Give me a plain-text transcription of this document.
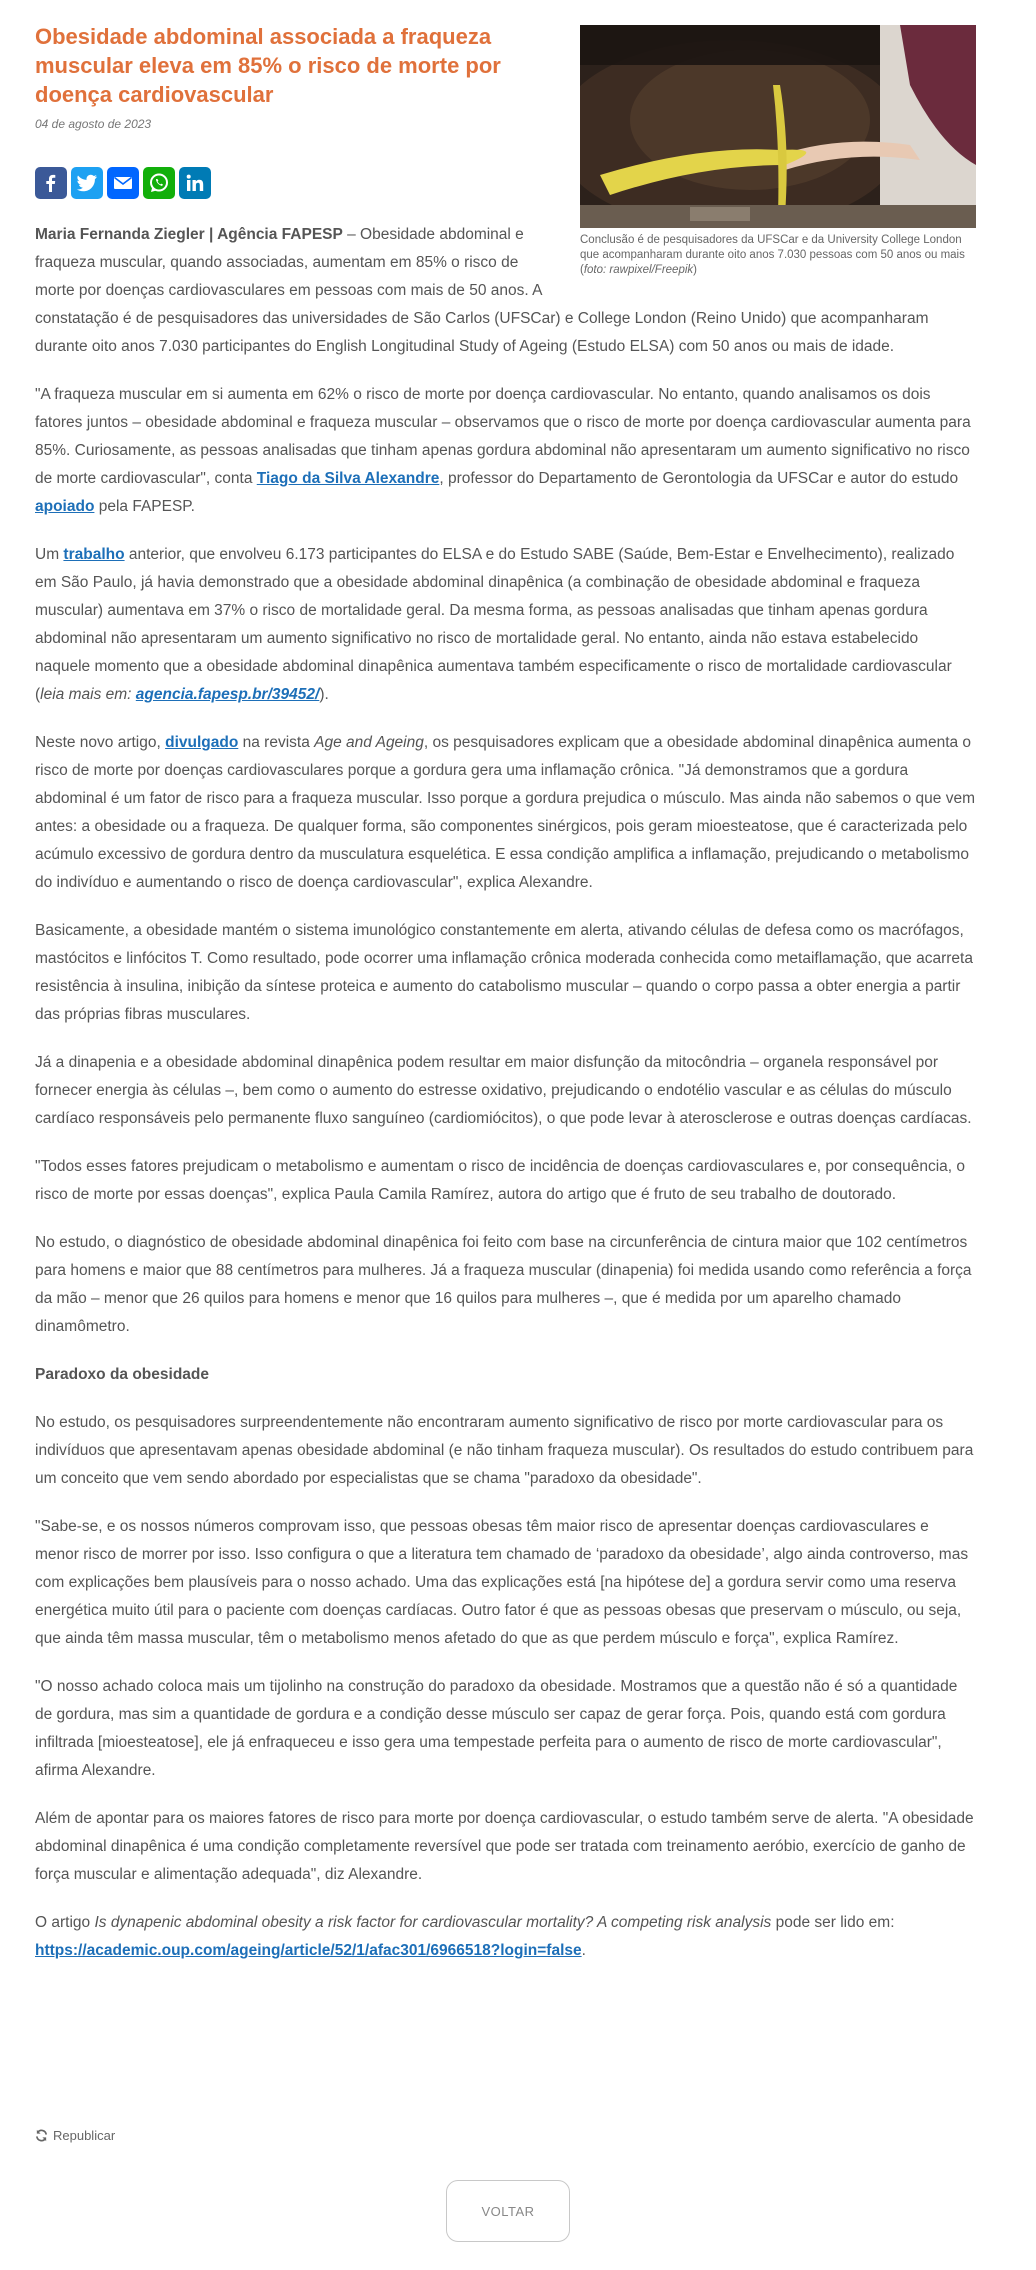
Conclusão é de pesquisadores da UFSCar e da University College London que acompanharam durante oito anos 7.030 pessoas com 50 anos ou mais (foto: rawpixel/Freepik)
Obesidade abdominal associada a fraqueza muscular eleva em 85% o risco de morte por doença cardiovascular
04 de agosto de 2023

Maria Fernanda Ziegler | Agência FAPESP – Obesidade abdominal e fraqueza muscular, quando associadas, aumentam em 85% o risco de morte por doenças cardiovasculares em pessoas com mais de 50 anos. A constatação é de pesquisadores das universidades de São Carlos (UFSCar) e College London (Reino Unido) que acompanharam durante oito anos 7.030 participantes do English Longitudinal Study of Ageing (Estudo ELSA) com 50 anos ou mais de idade.

"A fraqueza muscular em si aumenta em 62% o risco de morte por doença cardiovascular. No entanto, quando analisamos os dois fatores juntos – obesidade abdominal e fraqueza muscular – observamos que o risco de morte por doença cardiovascular aumenta para 85%. Curiosamente, as pessoas analisadas que tinham apenas gordura abdominal não apresentaram um aumento significativo no risco de morte cardiovascular", conta Tiago da Silva Alexandre, professor do Departamento de Gerontologia da UFSCar e autor do estudo apoiado pela FAPESP.

Um trabalho anterior, que envolveu 6.173 participantes do ELSA e do Estudo SABE (Saúde, Bem-Estar e Envelhecimento), realizado em São Paulo, já havia demonstrado que a obesidade abdominal dinapênica (a combinação de obesidade abdominal e fraqueza muscular) aumentava em 37% o risco de mortalidade geral. Da mesma forma, as pessoas analisadas que tinham apenas gordura abdominal não apresentaram um aumento significativo no risco de mortalidade geral. No entanto, ainda não estava estabelecido naquele momento que a obesidade abdominal dinapênica aumentava também especificamente o risco de mortalidade cardiovascular (leia mais em: agencia.fapesp.br/39452/).

Neste novo artigo, divulgado na revista Age and Ageing, os pesquisadores explicam que a obesidade abdominal dinapênica aumenta o risco de morte por doenças cardiovasculares porque a gordura gera uma inflamação crônica. "Já demonstramos que a gordura abdominal é um fator de risco para a fraqueza muscular. Isso porque a gordura prejudica o músculo. Mas ainda não sabemos o que vem antes: a obesidade ou a fraqueza. De qualquer forma, são componentes sinérgicos, pois geram mioesteatose, que é caracterizada pelo acúmulo excessivo de gordura dentro da musculatura esquelética. E essa condição amplifica a inflamação, prejudicando o metabolismo do indivíduo e aumentando o risco de doença cardiovascular", explica Alexandre.

Basicamente, a obesidade mantém o sistema imunológico constantemente em alerta, ativando células de defesa como os macrófagos, mastócitos e linfócitos T. Como resultado, pode ocorrer uma inflamação crônica moderada conhecida como metaiflamação, que acarreta resistência à insulina, inibição da síntese proteica e aumento do catabolismo muscular – quando o corpo passa a obter energia a partir das próprias fibras musculares.

Já a dinapenia e a obesidade abdominal dinapênica podem resultar em maior disfunção da mitocôndria – organela responsável por fornecer energia às células –, bem como o aumento do estresse oxidativo, prejudicando o endotélio vascular e as células do músculo cardíaco responsáveis pelo permanente fluxo sanguíneo (cardiomiócitos), o que pode levar à aterosclerose e outras doenças cardíacas.

"Todos esses fatores prejudicam o metabolismo e aumentam o risco de incidência de doenças cardiovasculares e, por consequência, o risco de morte por essas doenças", explica Paula Camila Ramírez, autora do artigo que é fruto de seu trabalho de doutorado.

No estudo, o diagnóstico de obesidade abdominal dinapênica foi feito com base na circunferência de cintura maior que 102 centímetros para homens e maior que 88 centímetros para mulheres. Já a fraqueza muscular (dinapenia) foi medida usando como referência a força da mão – menor que 26 quilos para homens e menor que 16 quilos para mulheres –, que é medida por um aparelho chamado dinamômetro.

Paradoxo da obesidade

No estudo, os pesquisadores surpreendentemente não encontraram aumento significativo de risco por morte cardiovascular para os indivíduos que apresentavam apenas obesidade abdominal (e não tinham fraqueza muscular). Os resultados do estudo contribuem para um conceito que vem sendo abordado por especialistas que se chama "paradoxo da obesidade".

"Sabe-se, e os nossos números comprovam isso, que pessoas obesas têm maior risco de apresentar doenças cardiovasculares e menor risco de morrer por isso. Isso configura o que a literatura tem chamado de ‘paradoxo da obesidade’, algo ainda controverso, mas com explicações bem plausíveis para o nosso achado. Uma das explicações está [na hipótese de] a gordura servir como uma reserva energética muito útil para o paciente com doenças cardíacas. Outro fator é que as pessoas obesas que preservam o músculo, ou seja, que ainda têm massa muscular, têm o metabolismo menos afetado do que as que perdem músculo e força", explica Ramírez.

"O nosso achado coloca mais um tijolinho na construção do paradoxo da obesidade. Mostramos que a questão não é só a quantidade de gordura, mas sim a quantidade de gordura e a condição desse músculo ser capaz de gerar força. Pois, quando está com gordura infiltrada [mioesteatose], ele já enfraqueceu e isso gera uma tempestade perfeita para o aumento de risco de morte cardiovascular", afirma Alexandre.

Além de apontar para os maiores fatores de risco para morte por doença cardiovascular, o estudo também serve de alerta. "A obesidade abdominal dinapênica é uma condição completamente reversível que pode ser tratada com treinamento aeróbio, exercício de ganho de força muscular e alimentação adequada", diz Alexandre.

O artigo Is dynapenic abdominal obesity a risk factor for cardiovascular mortality? A competing risk analysis pode ser lido em: https://academic.oup.com/ageing/article/52/1/afac301/6966518?login=false.

Republicar
VOLTAR
